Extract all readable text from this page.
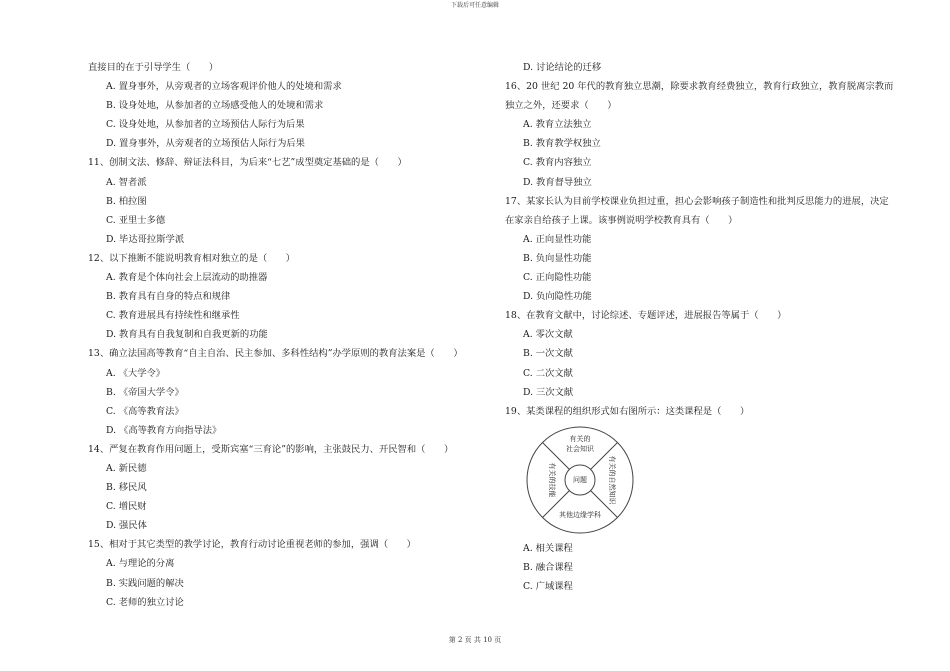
下载后可任意编辑
直接目的在于引导学生（　　）
A. 置身事外，从旁观者的立场客观评价他人的处境和需求
B. 设身处地，从参加者的立场感受他人的处境和需求
C. 设身处地，从参加者的立场预估人际行为后果
D. 置身事外，从旁观者的立场预估人际行为后果
11、创制文法、修辞、辩证法科目，为后来“七艺”成型奠定基础的是（　　）
A. 智者派
B. 柏拉图
C. 亚里士多德
D. 毕达哥拉斯学派
12、以下推断不能说明教育相对独立的是（　　）
A. 教育是个体向社会上层流动的助推器
B. 教育具有自身的特点和规律
C. 教育进展具有持续性和继承性
D. 教育具有自我复制和自我更新的功能
13、确立法国高等教育“自主自治、民主参加、多科性结构”办学原则的教育法案是（　　）
A. 《大学令》
B. 《帝国大学令》
C. 《高等教育法》
D. 《高等教育方向指导法》
14、严复在教育作用问题上，受斯宾塞“三育论”的影响，主张鼓民力、开民智和（　　）
A. 新民德
B. 移民风
C. 增民财
D. 强民体
15、相对于其它类型的教学讨论，教育行动讨论重视老师的参加，强调（　　）
A. 与理论的分离
B. 实践问题的解决
C. 老师的独立讨论
D. 讨论结论的迁移
16、20 世纪 20 年代的教育独立思潮，除要求教育经费独立，教育行政独立，教育脱离宗教而
独立之外，还要求（　　）
A. 教育立法独立
B. 教育教学权独立
C. 教育内容独立
D. 教育督导独立
17、某家长认为目前学校课业负担过重，担心会影响孩子制造性和批判反思能力的进展，决定
在家亲自给孩子上课。该事例说明学校教育具有（　　）
A. 正向显性功能
B. 负向显性功能
C. 正向隐性功能
D. 负向隐性功能
18、在教育文献中，讨论综述、专题评述，进展报告等属于（　　）
A. 零次文献
B. 一次文献
C. 二次文献
D. 三次文献
19、某类课程的组织形式如右图所示：这类课程是（　　）
问题
有关的
社会知识
其他边缘学科
有关的自然知识
有关的技能
A. 相关课程
B. 融合课程
C. 广域课程
第 2 页 共 10 页
